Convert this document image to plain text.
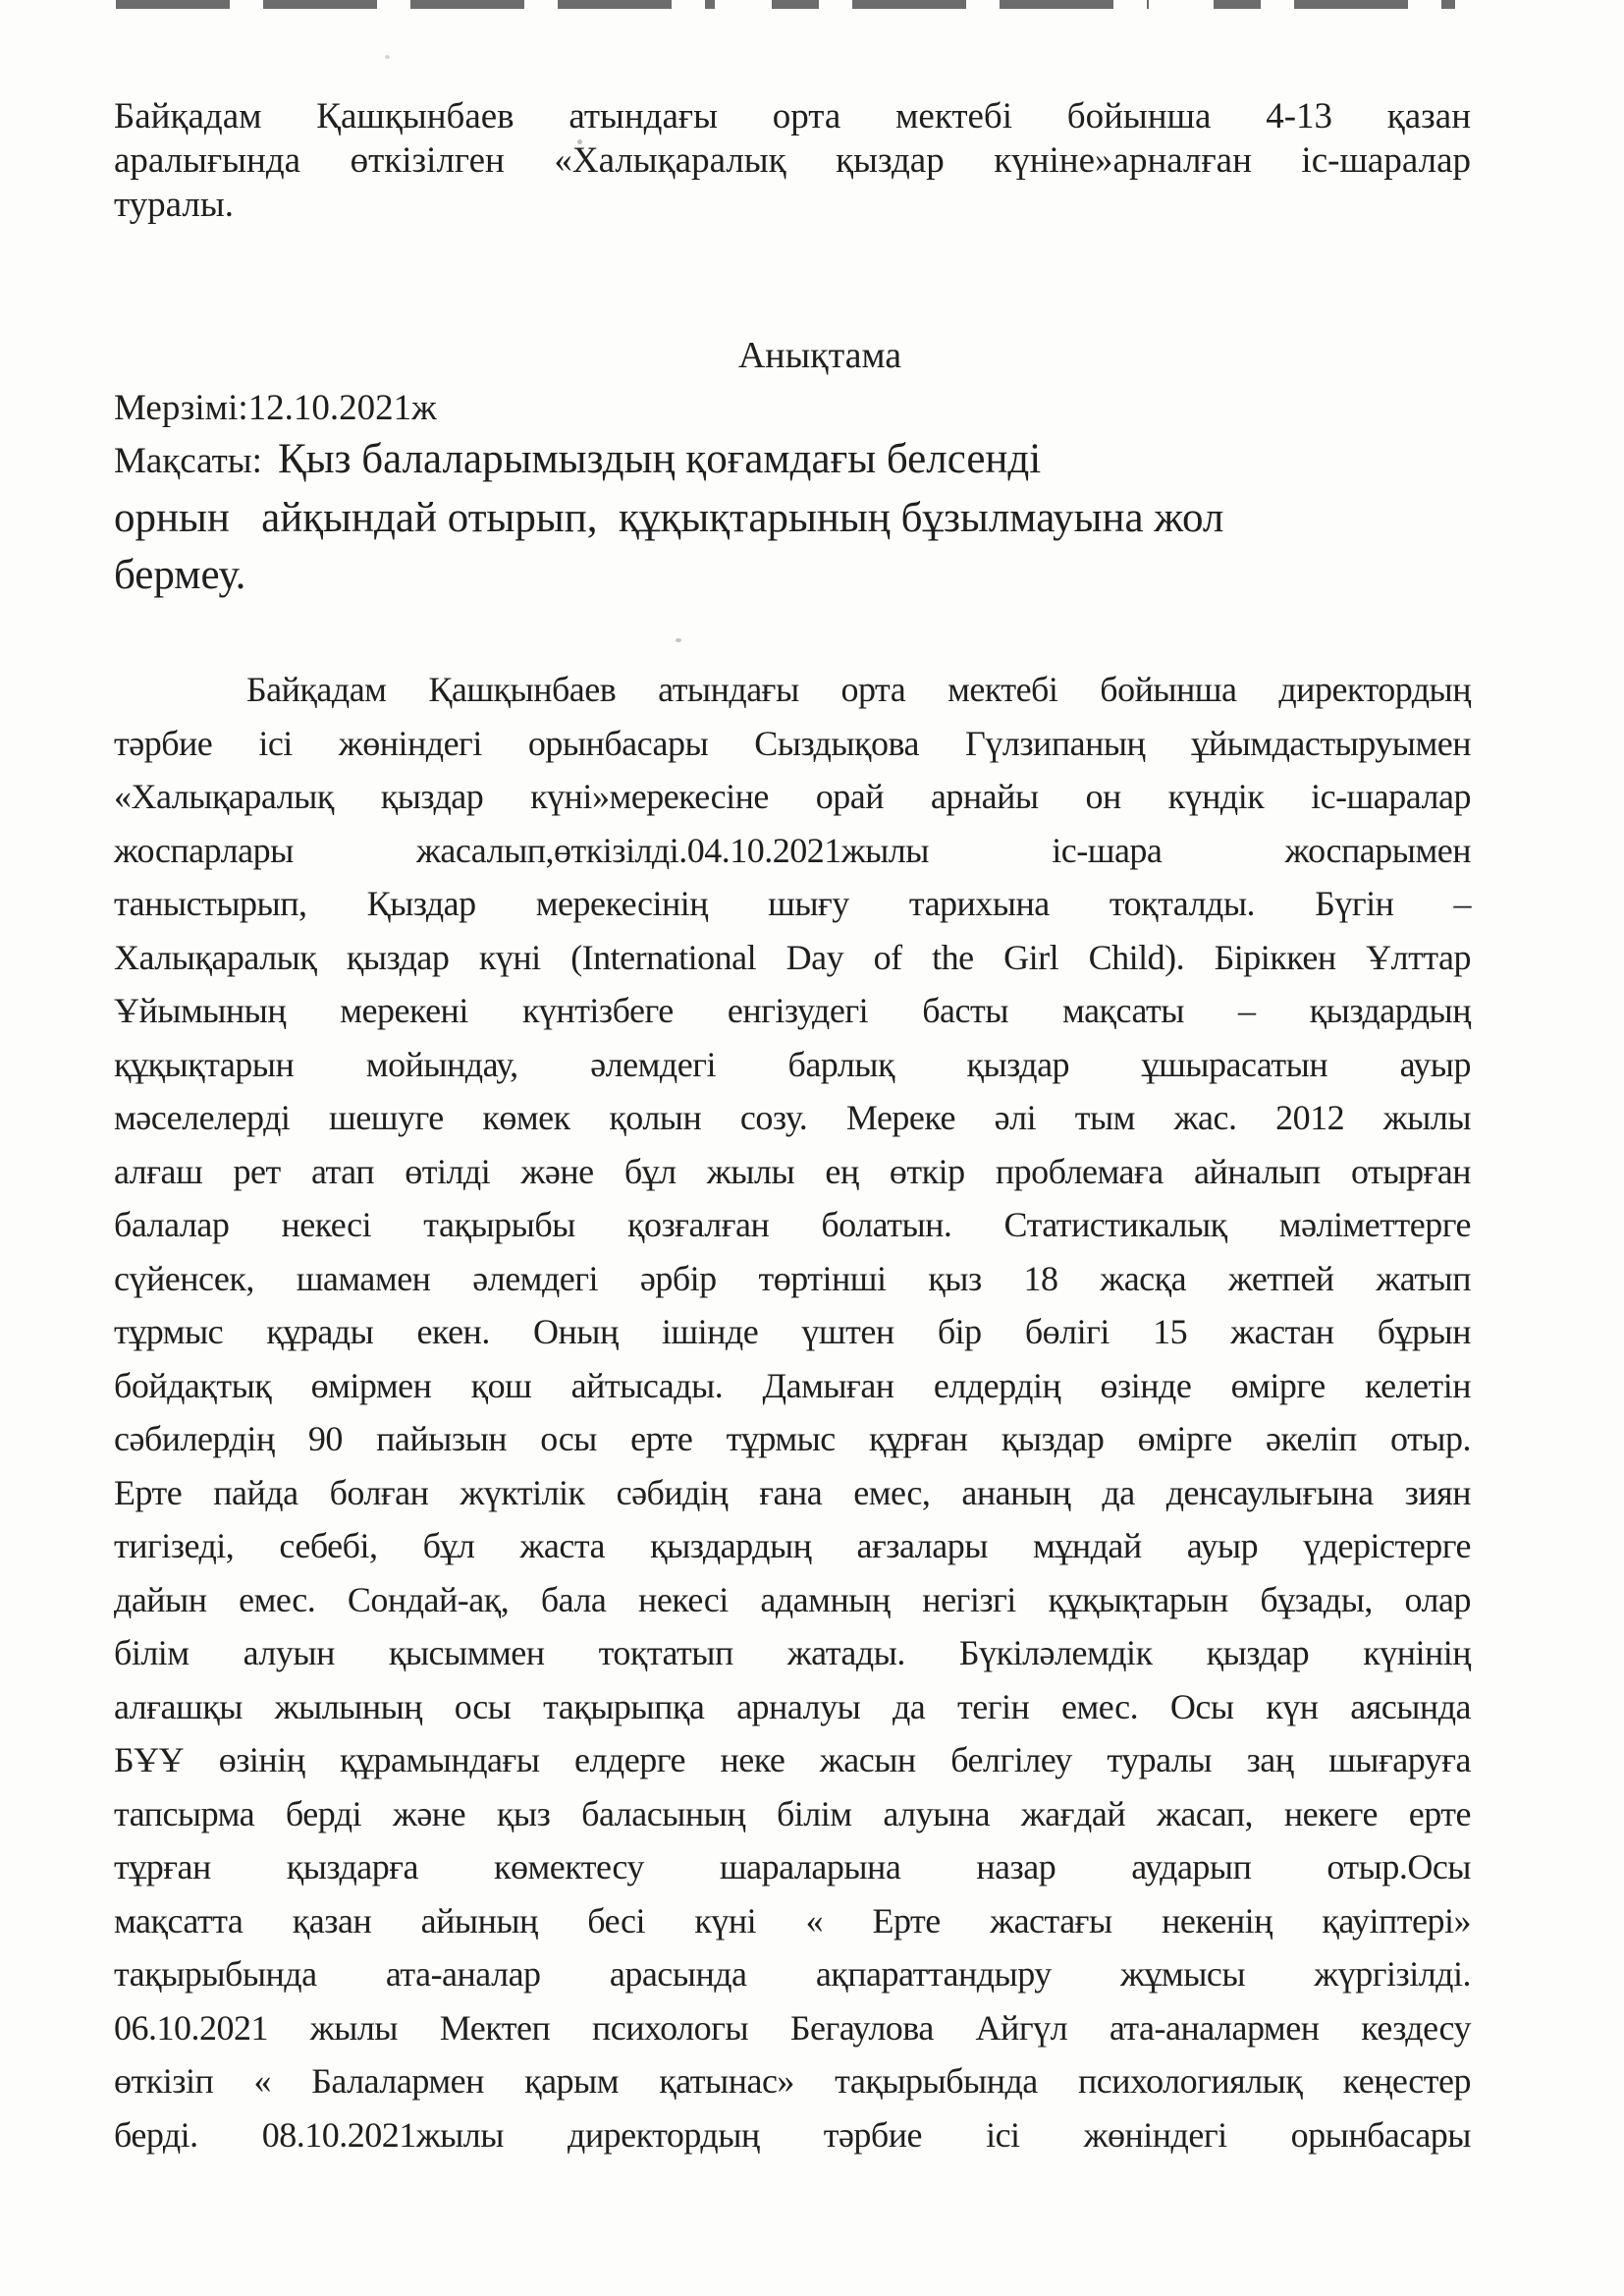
Байқадам Қашқынбаев атындағы орта мектебі бойынша 4-13 қазан

аралығында өткізілген «Халықаралық қыздар күніне»арналған іс-шаралар

туралы.

Анықтама

Мерзімі:12.10.2021ж

Мақсаты: Қыз балаларымыздың қоғамдағы белсенді

орнын   айқындай отырып,  құқықтарының бұзылмауына жол

бермеу.

Байқадам Қашқынбаев атындағы орта мектебі бойынша директордың

тәрбие ісі жөніндегі орынбасары Сыздықова Гүлзипаның ұйымдастыруымен

«Халықаралық қыздар күні»мерекесіне орай арнайы он күндік іс-шаралар

жоспарлары жасалып,өткізілді.04.10.2021жылы іс-шара жоспарымен

таныстырып, Қыздар мерекесінің шығу тарихына тоқталды. Бүгін –

Халықаралық қыздар күні (International Day of the Girl Child). Біріккен Ұлттар

Ұйымының мерекені күнтізбеге енгізудегі басты мақсаты – қыздардың

құқықтарын мойындау, әлемдегі барлық қыздар ұшырасатын ауыр

мәселелерді шешуге көмек қолын созу. Мереке әлі тым жас. 2012 жылы

алғаш рет атап өтілді және бұл жылы ең өткір проблемаға айналып отырған

балалар некесі тақырыбы қозғалған болатын. Статистикалық мәліметтерге

сүйенсек, шамамен әлемдегі әрбір төртінші қыз 18 жасқа жетпей жатып

тұрмыс құрады екен. Оның ішінде үштен бір бөлігі 15 жастан бұрын

бойдақтық өмірмен қош айтысады. Дамыған елдердің өзінде өмірге келетін

сәбилердің 90 пайызын осы ерте тұрмыс құрған қыздар өмірге әкеліп отыр.

Ерте пайда болған жүктілік сәбидің ғана емес, ананың да денсаулығына зиян

тигізеді, себебі, бұл жаста қыздардың ағзалары мұндай ауыр үдерістерге

дайын емес. Сондай-ақ, бала некесі адамның негізгі құқықтарын бұзады, олар

білім алуын қысыммен тоқтатып жатады. Бүкіләлемдік қыздар күнінің

алғашқы жылының осы тақырыпқа арналуы да тегін емес. Осы күн аясында

БҰҰ өзінің құрамындағы елдерге неке жасын белгілеу туралы заң шығаруға

тапсырма берді және қыз баласының білім алуына жағдай жасап, некеге ерте

тұрған қыздарға көмектесу шараларына назар аударып отыр.Осы

мақсатта қазан айының бесі күні « Ерте жастағы некенің қауіптері»

тақырыбында ата-аналар арасында ақпараттандыру жұмысы жүргізілді.

06.10.2021 жылы Мектеп психологы Бегаулова Айгүл ата-аналармен кездесу

өткізіп « Балалармен қарым қатынас» тақырыбында психологиялық кеңестер

берді. 08.10.2021жылы директордың тәрбие ісі жөніндегі орынбасары
